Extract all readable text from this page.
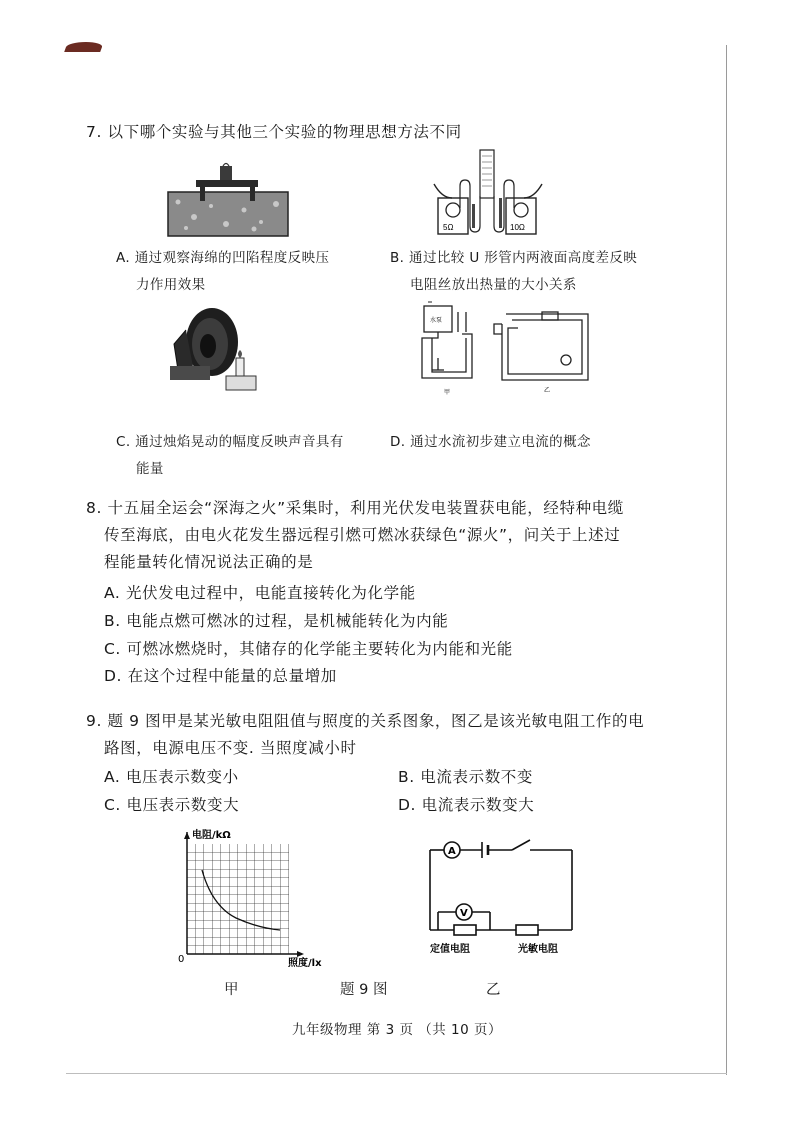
7. 以下哪个实验与其他三个实验的物理思想方法不同
A. 通过观察海绵的凹陷程度反映压
力作用效果
5Ω	10Ω
B. 通过比较 U 形管内两液面高度差反映
电阻丝放出热量的大小关系
水泵
甲	乙
C. 通过烛焰晃动的幅度反映声音具有
能量
D. 通过水流初步建立电流的概念
8. 十五届全运会“深海之火”采集时，利用光伏发电装置获电能，经特种电缆
传至海底，由电火花发生器远程引燃可燃冰获绿色“源火”，问关于上述过
程能量转化情况说法正确的是
A. 光伏发电过程中，电能直接转化为化学能
B. 电能点燃可燃冰的过程，是机械能转化为内能
C. 可燃冰燃烧时，其储存的化学能主要转化为内能和光能
D. 在这个过程中能量的总量增加
9. 题 9 图甲是某光敏电阻阻值与照度的关系图象，图乙是该光敏电阻工作的电
路图，电源电压不变. 当照度减小时
A. 电压表示数变小	B. 电流表示数不变
C. 电压表示数变大	D. 电流表示数变大
电阻/kΩ
照度/lx
0
A
V
定值电阻	光敏电阻
甲	题 9 图	乙
九年级物理 第 3 页 （共 10 页）
